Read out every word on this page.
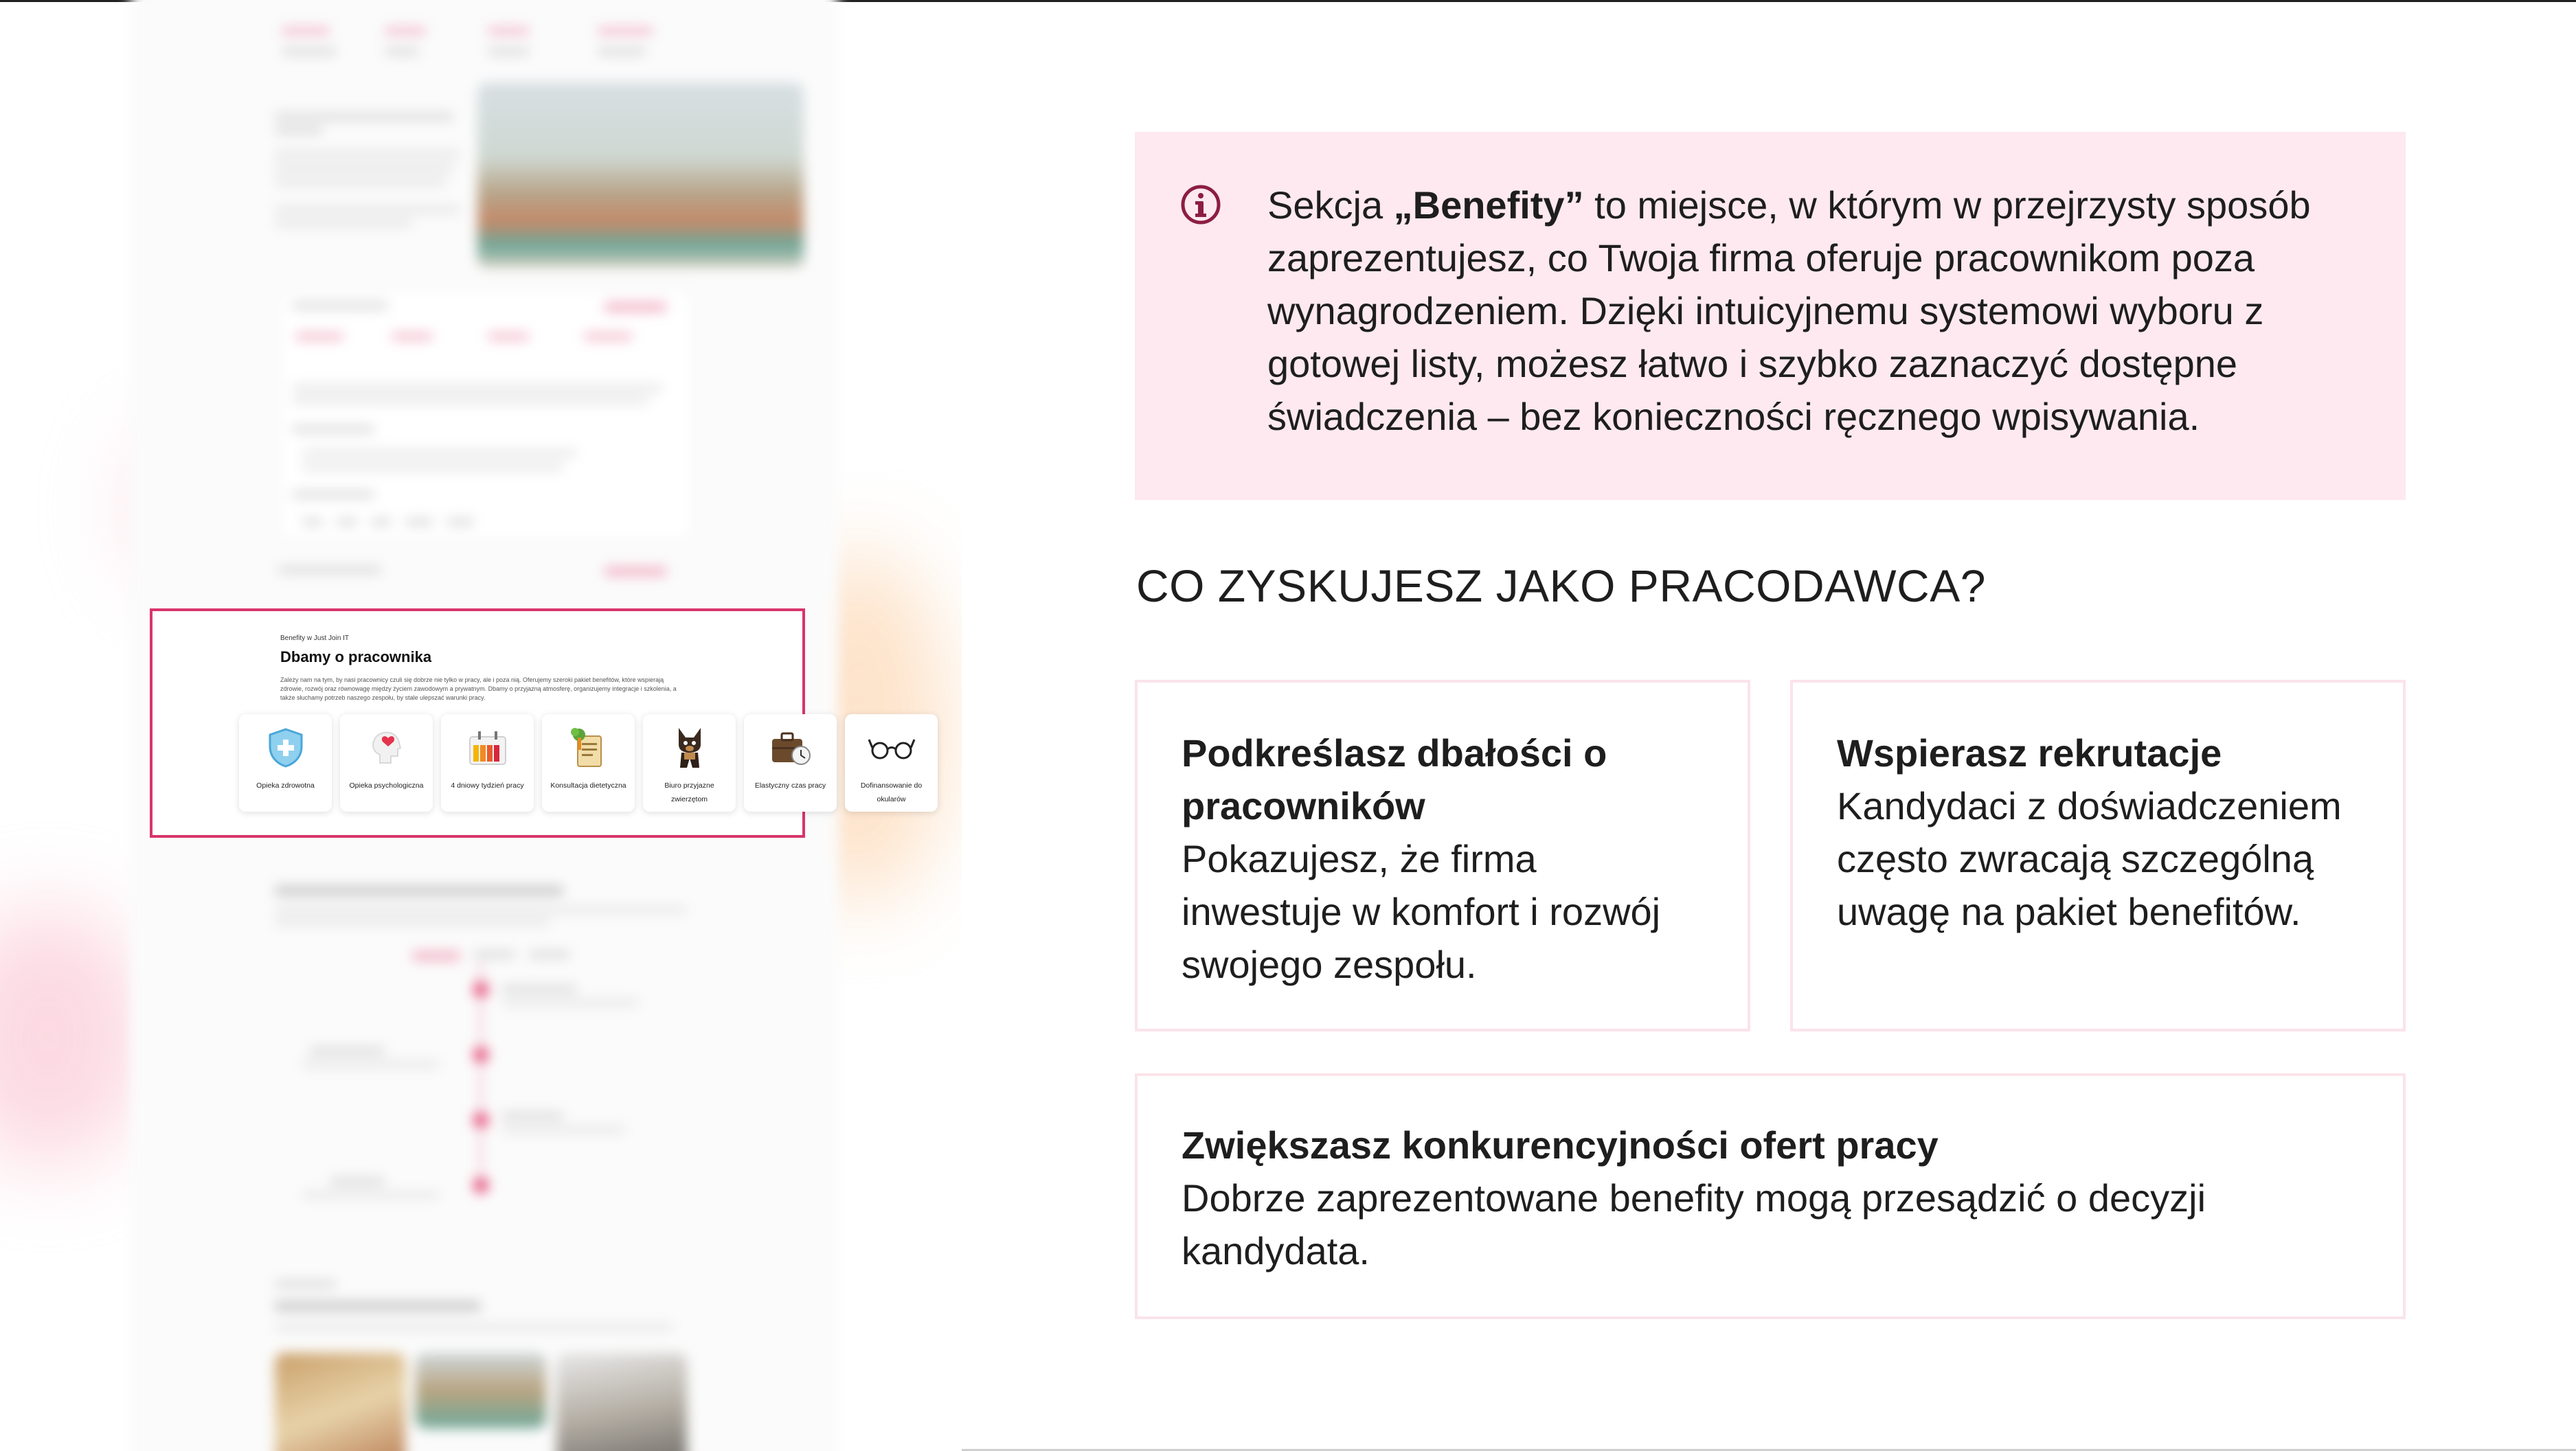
Benefity w Just Join IT
Dbamy o pracownika
Zależy nam na tym, by nasi pracownicy czuli się dobrze nie tylko w pracy, ale i poza nią. Oferujemy szeroki pakiet benefitów, które wspierają zdrowie, rozwój oraz równowagę między życiem zawodowym a prywatnym. Dbamy o przyjazną atmosferę, organizujemy integracje i szkolenia, a także słuchamy potrzeb naszego zespołu, by stale ulepszać warunki pracy.
Opieka zdrowotna	Opieka psychologiczna	4 dniowy tydzień pracy	Konsultacja dietetyczna	Biuro przyjazne zwierzętom
Elastyczny czas pracy	Dofinansowanie do okularów
Sekcja „Benefity” to miejsce, w którym w przejrzysty sposób zaprezentujesz, co Twoja firma oferuje pracownikom poza wynagrodzeniem. Dzięki intuicyjnemu systemowi wyboru z gotowej listy, możesz łatwo i szybko zaznaczyć dostępne świadczenia – bez konieczności ręcznego wpisywania.
CO ZYSKUJESZ JAKO PRACODAWCA?
Podkreślasz dbałości o pracowników
Pokazujesz, że firma inwestuje w komfort i rozwój swojego zespołu.
Wspierasz rekrutacje
Kandydaci z doświadczeniem często zwracają szczególną uwagę na pakiet benefitów.
Zwiększasz konkurencyjności ofert pracy
Dobrze zaprezentowane benefity mogą przesądzić o decyzji kandydata.
